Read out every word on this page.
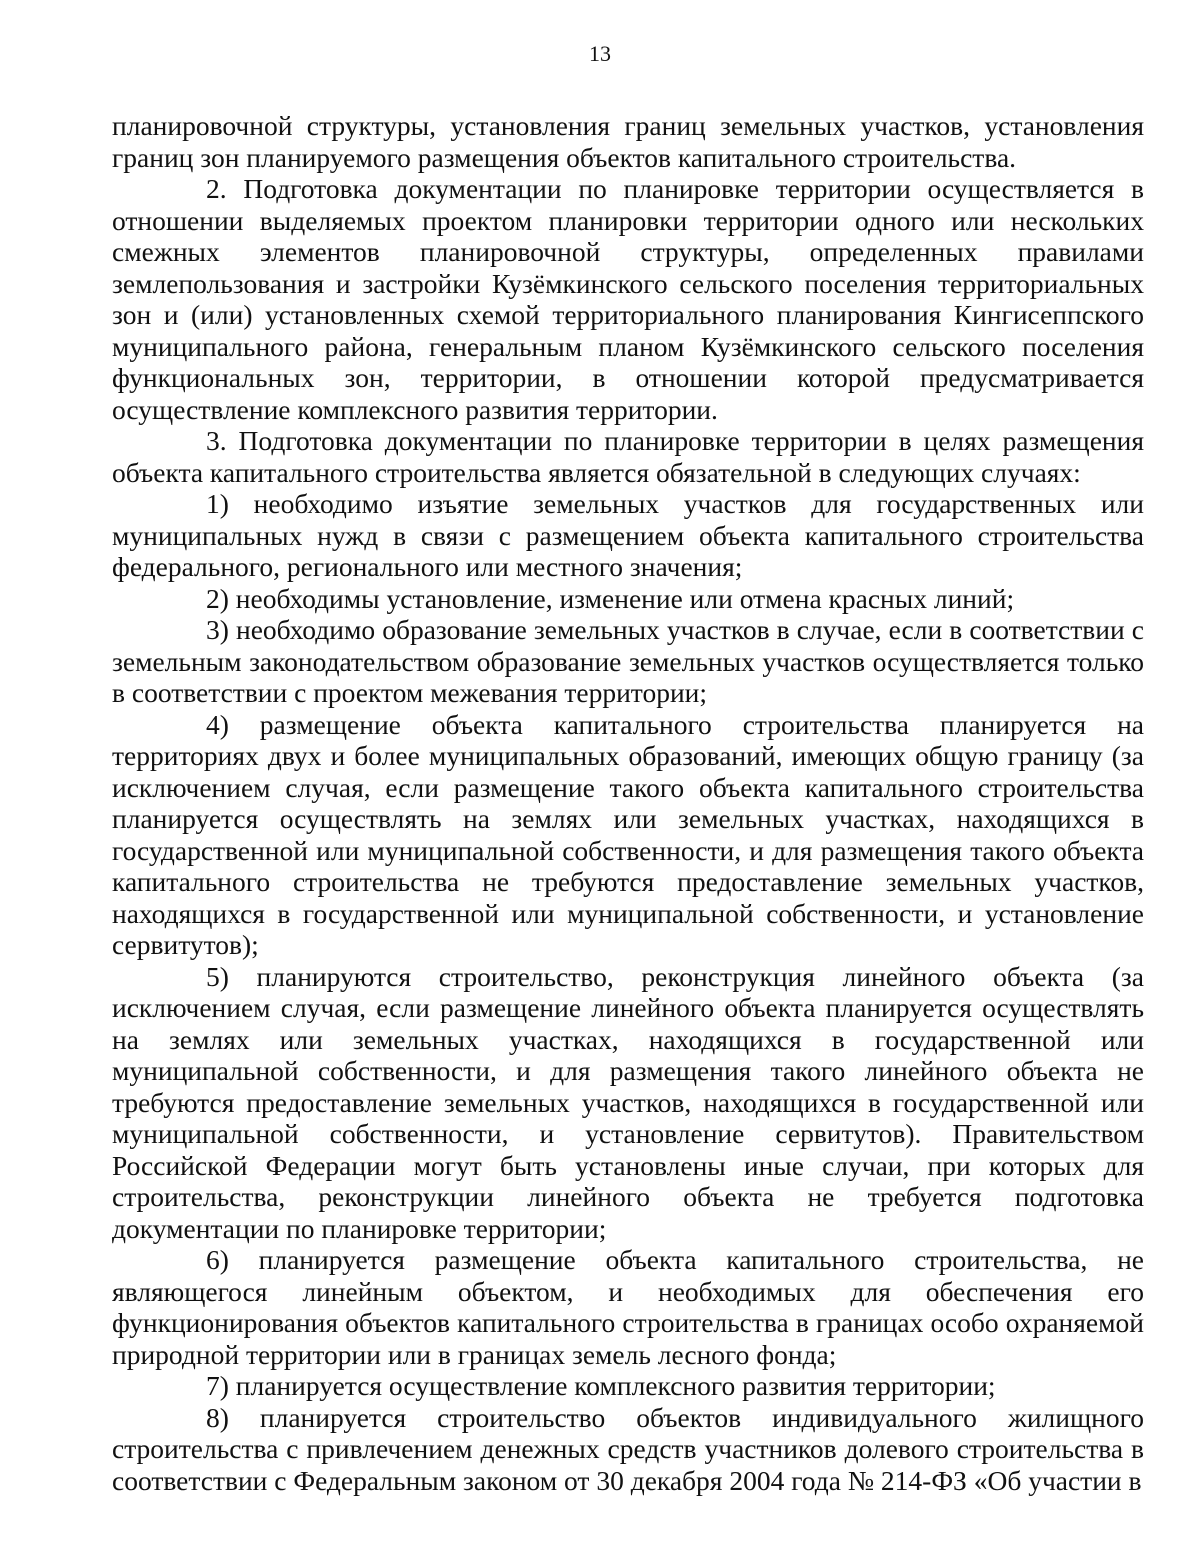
13

планировочной структуры, установления границ земельных участков, установления границ зон планируемого размещения объектов капитального строительства.

2. Подготовка документации по планировке территории осуществляется в отношении выделяемых проектом планировки территории одного или нескольких смежных элементов планировочной структуры, определенных правилами землепользования и застройки Кузёмкинского сельского поселения территориальных зон и (или) установленных схемой территориального планирования Кингисеппского муниципального района, генеральным планом Кузёмкинского сельского поселения функциональных зон, территории, в отношении которой предусматривается осуществление комплексного развития территории.

3. Подготовка документации по планировке территории в целях размещения объекта капитального строительства является обязательной в следующих случаях:

1) необходимо изъятие земельных участков для государственных или муниципальных нужд в связи с размещением объекта капитального строительства федерального, регионального или местного значения;

2) необходимы установление, изменение или отмена красных линий;

3) необходимо образование земельных участков в случае, если в соответствии с земельным законодательством образование земельных участков осуществляется только в соответствии с проектом межевания территории;

4) размещение объекта капитального строительства планируется на территориях двух и более муниципальных образований, имеющих общую границу (за исключением случая, если размещение такого объекта капитального строительства планируется осуществлять на землях или земельных участках, находящихся в государственной или муниципальной собственности, и для размещения такого объекта капитального строительства не требуются предоставление земельных участков, находящихся в государственной или муниципальной собственности, и установление сервитутов);

5) планируются строительство, реконструкция линейного объекта (за исключением случая, если размещение линейного объекта планируется осуществлять на землях или земельных участках, находящихся в государственной или муниципальной собственности, и для размещения такого линейного объекта не требуются предоставление земельных участков, находящихся в государственной или муниципальной собственности, и установление сервитутов). Правительством Российской Федерации могут быть установлены иные случаи, при которых для строительства, реконструкции линейного объекта не требуется подготовка документации по планировке территории;

6) планируется размещение объекта капитального строительства, не являющегося линейным объектом, и необходимых для обеспечения его функционирования объектов капитального строительства в границах особо охраняемой природной территории или в границах земель лесного фонда;

7) планируется осуществление комплексного развития территории;

8) планируется строительство объектов индивидуального жилищного строительства с привлечением денежных средств участников долевого строительства в соответствии с Федеральным законом от 30 декабря 2004 года № 214-ФЗ «Об участии в
